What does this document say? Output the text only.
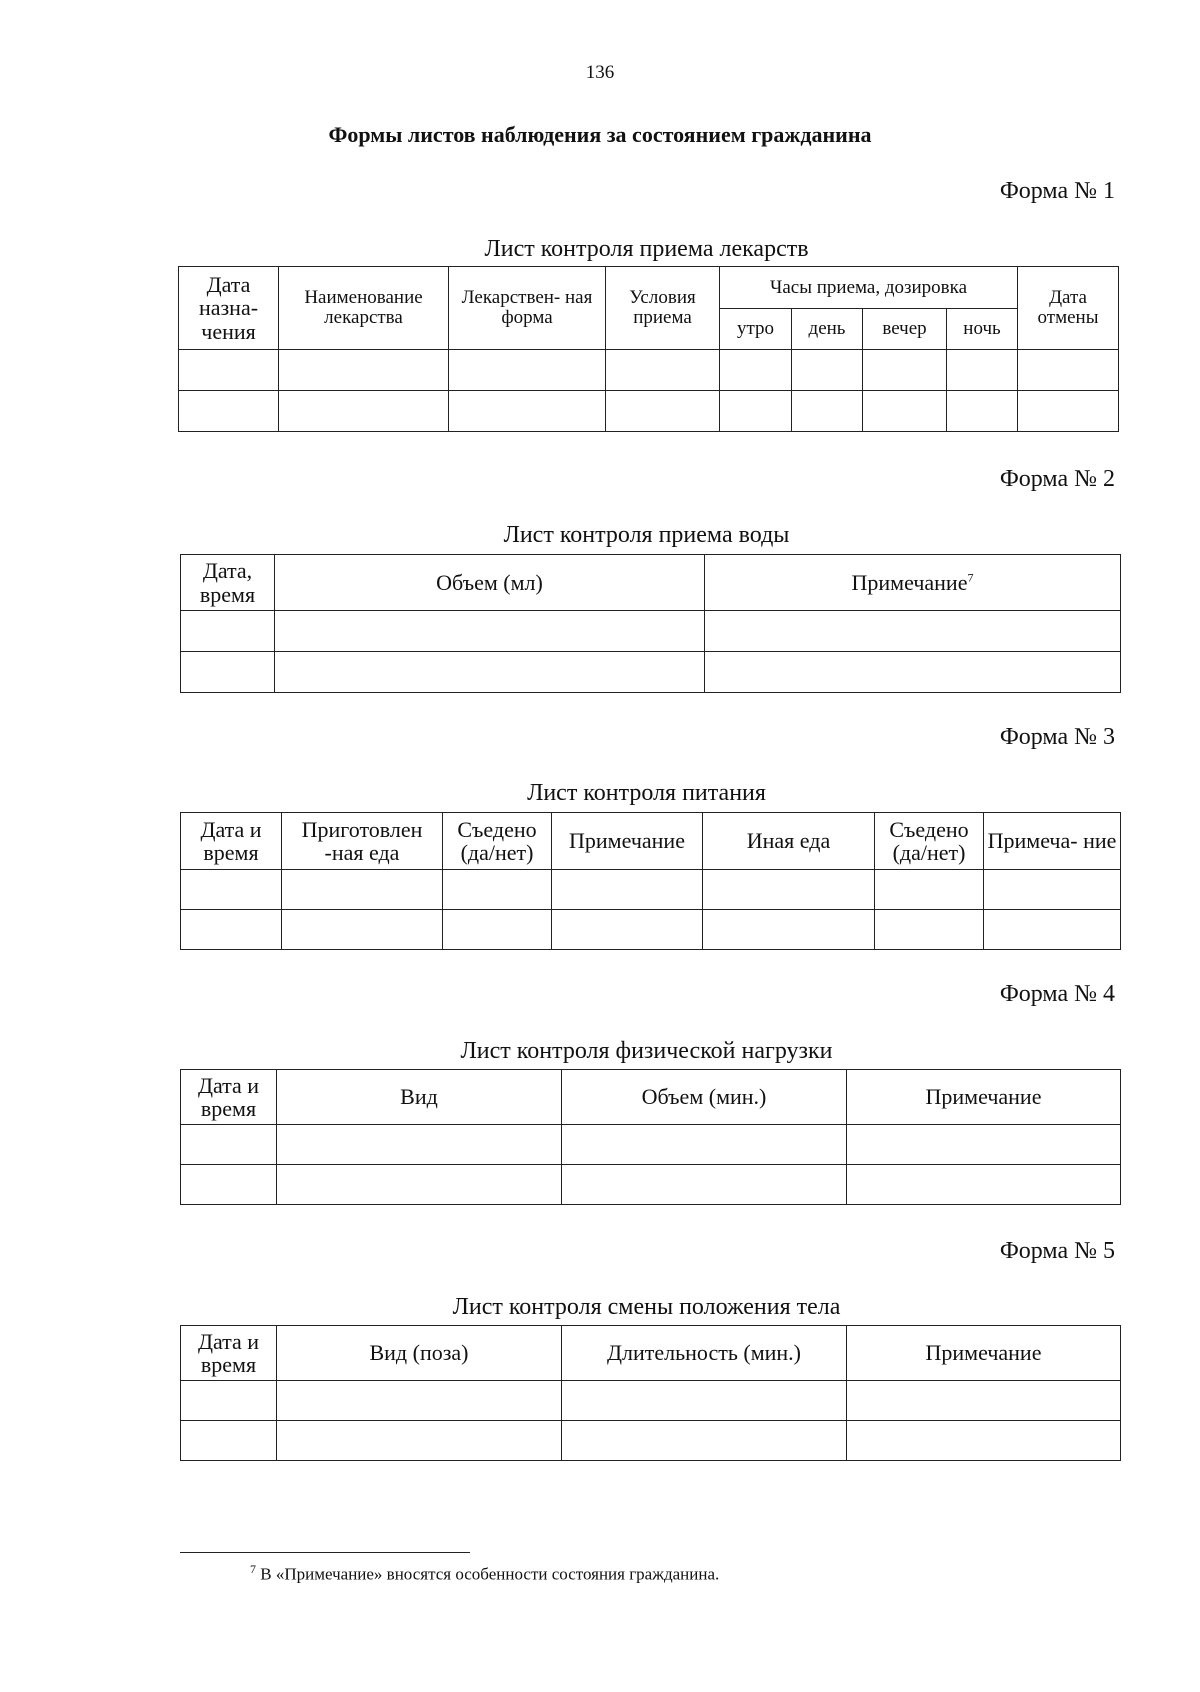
136
Формы листов наблюдения за состоянием гражданина
Форма № 1
Лист контроля приема лекарств
Дата назна- чения	Наименование лекарства	Лекарствен- ная форма	Условия приема	Часы приема, дозировка				Дата отмены
				утро	день	вечер	ночь	

Форма № 2
Лист контроля приема воды
Дата, время	Объем (мл)	Примечание$^7$

Форма № 3
Лист контроля питания
Дата и время	Приготовлен -ная еда	Съедено (да/нет)	Примечание	Иная еда	Съедено (да/нет)	Примеча- ние

Форма № 4
Лист контроля физической нагрузки
Дата и время	Вид	Объем (мин.)	Примечание

Форма № 5
Лист контроля смены положения тела
Дата и время	Вид (поза)	Длительность (мин.)	Примечание

$^7$ В «Примечание» вносятся особенности состояния гражданина.
